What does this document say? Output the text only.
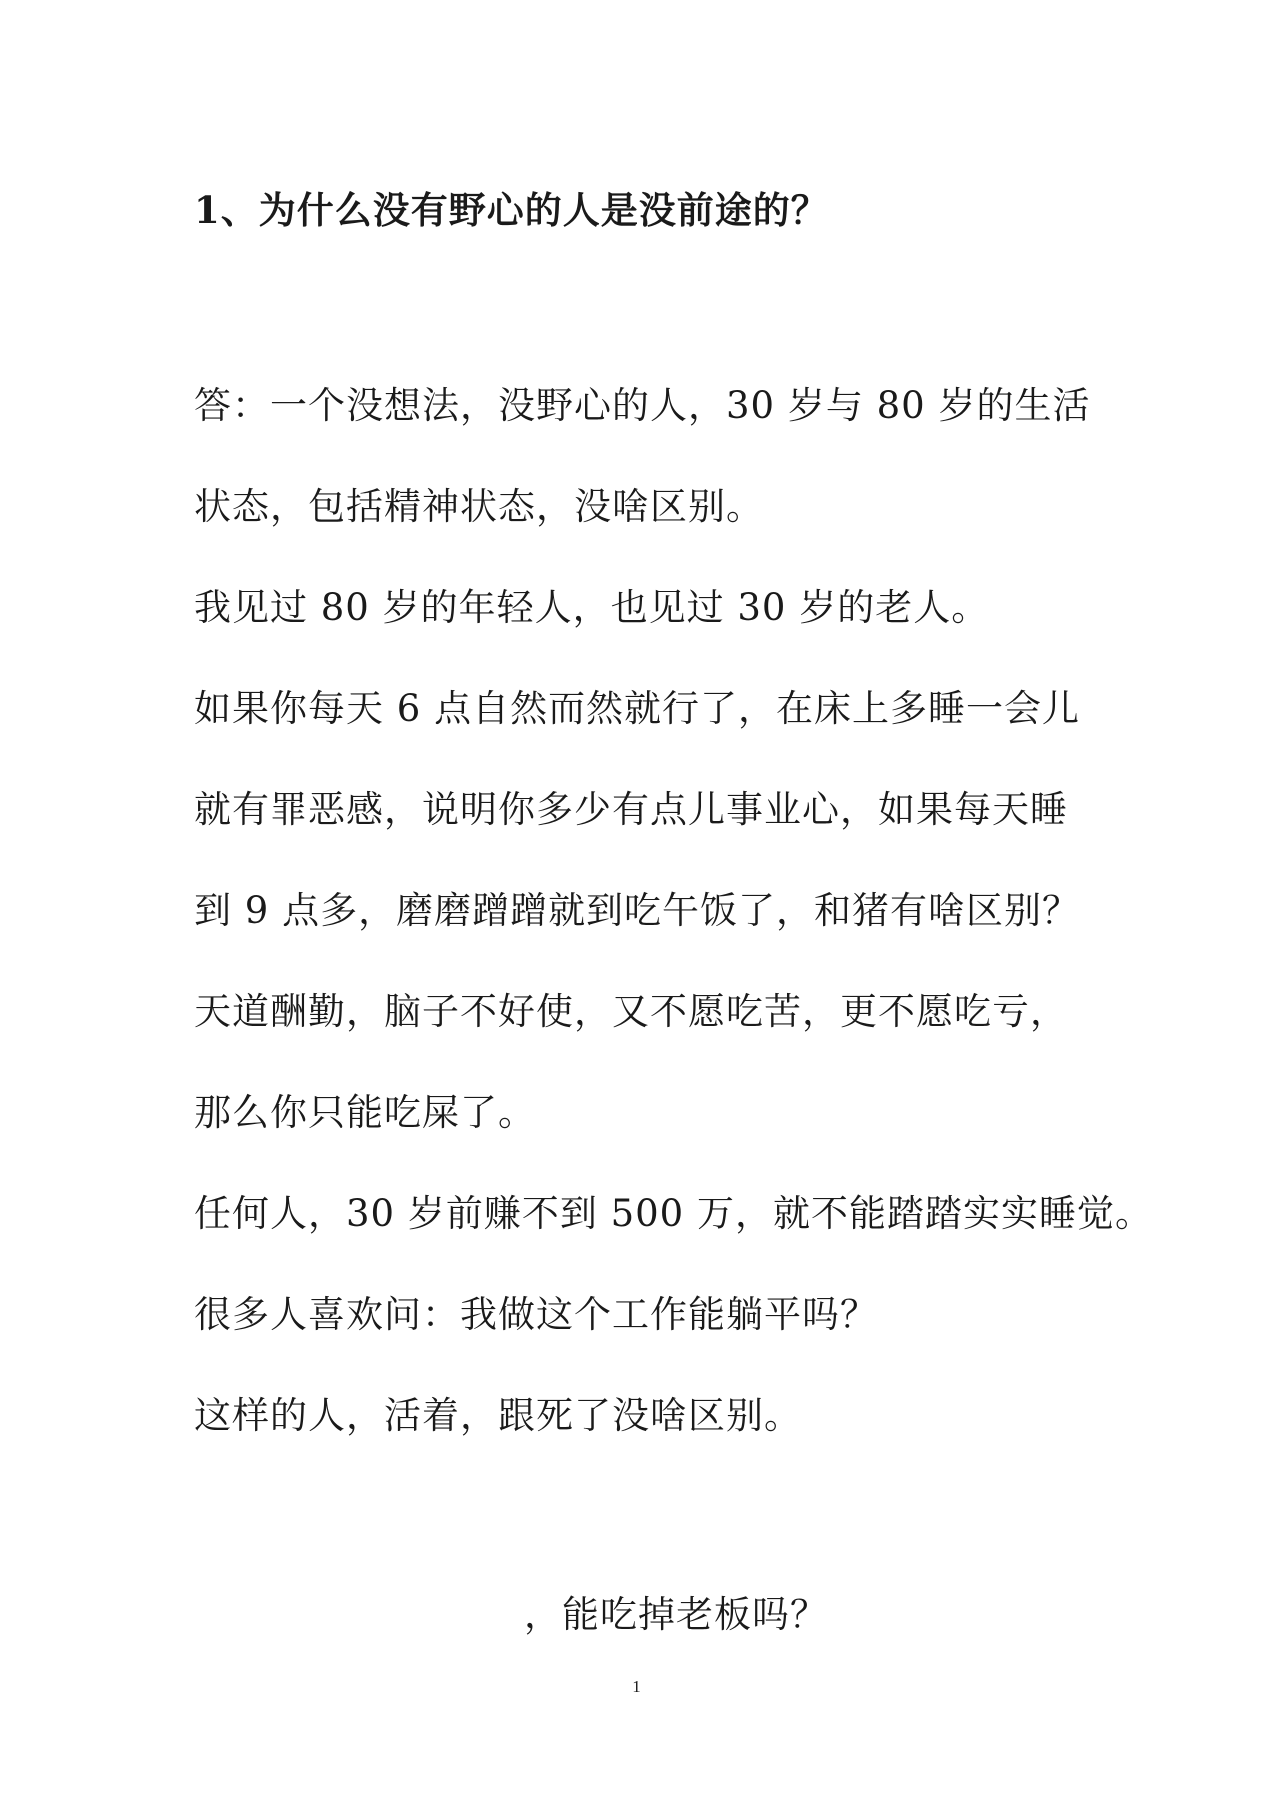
1、为什么没有野心的人是没前途的？
答：一个没想法，没野心的人，30 岁与 80 岁的生活
状态，包括精神状态，没啥区别。
我见过 80 岁的年轻人，也见过 30 岁的老人。
如果你每天 6 点自然而然就行了，在床上多睡一会儿
就有罪恶感，说明你多少有点儿事业心，如果每天睡
到 9 点多，磨磨蹭蹭就到吃午饭了，和猪有啥区别？
天道酬勤，脑子不好使，又不愿吃苦，更不愿吃亏，
那么你只能吃屎了。
任何人，30 岁前赚不到 500 万，就不能踏踏实实睡觉。
很多人喜欢问：我做这个工作能躺平吗？
这样的人，活着，跟死了没啥区别。
，能吃掉老板吗？
1
